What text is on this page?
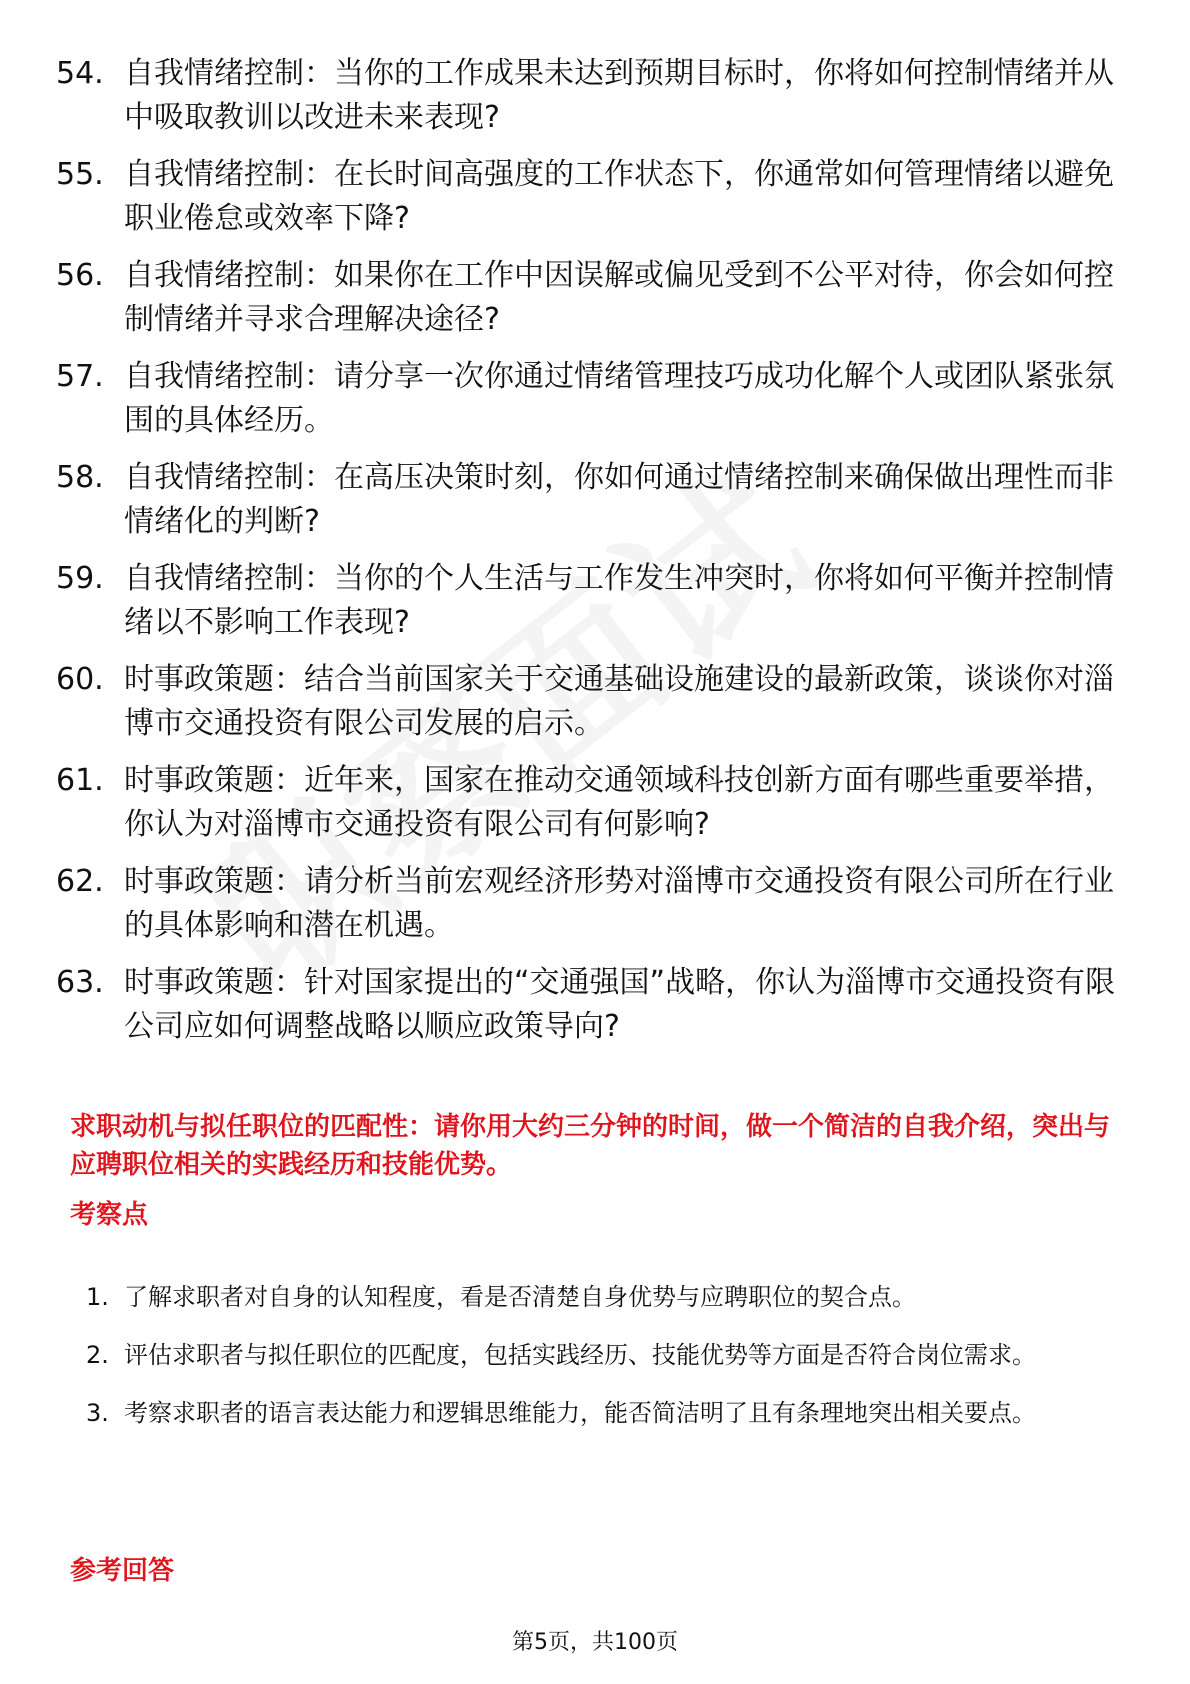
54. 自我情绪控制：当你的工作成果未达到预期目标时，你将如何控制情绪并从中吸取教训以改进未来表现?
55. 自我情绪控制：在长时间高强度的工作状态下，你通常如何管理情绪以避免职业倦怠或效率下降?
56. 自我情绪控制：如果你在工作中因误解或偏见受到不公平对待，你会如何控制情绪并寻求合理解决途径?
57. 自我情绪控制：请分享一次你通过情绪管理技巧成功化解个人或团队紧张氛围的具体经历。
58. 自我情绪控制：在高压决策时刻，你如何通过情绪控制来确保做出理性而非情绪化的判断?
59. 自我情绪控制：当你的个人生活与工作发生冲突时，你将如何平衡并控制情绪以不影响工作表现?
60. 时事政策题：结合当前国家关于交通基础设施建设的最新政策，谈谈你对淄博市交通投资有限公司发展的启示。
61. 时事政策题：近年来，国家在推动交通领域科技创新方面有哪些重要举措，你认为对淄博市交通投资有限公司有何影响?
62. 时事政策题：请分析当前宏观经济形势对淄博市交通投资有限公司所在行业的具体影响和潜在机遇。
63. 时事政策题：针对国家提出的“交通强国”战略，你认为淄博市交通投资有限公司应如何调整战略以顺应政策导向?
求职动机与拟任职位的匹配性：请你用大约三分钟的时间，做一个简洁的自我介绍，突出与应聘职位相关的实践经历和技能优势。
考察点
1. 了解求职者对自身的认知程度，看是否清楚自身优势与应聘职位的契合点。
2. 评估求职者与拟任职位的匹配度，包括实践经历、技能优势等方面是否符合岗位需求。
3. 考察求职者的语言表达能力和逻辑思维能力，能否简洁明了且有条理地突出相关要点。
参考回答
第5页，共100页
